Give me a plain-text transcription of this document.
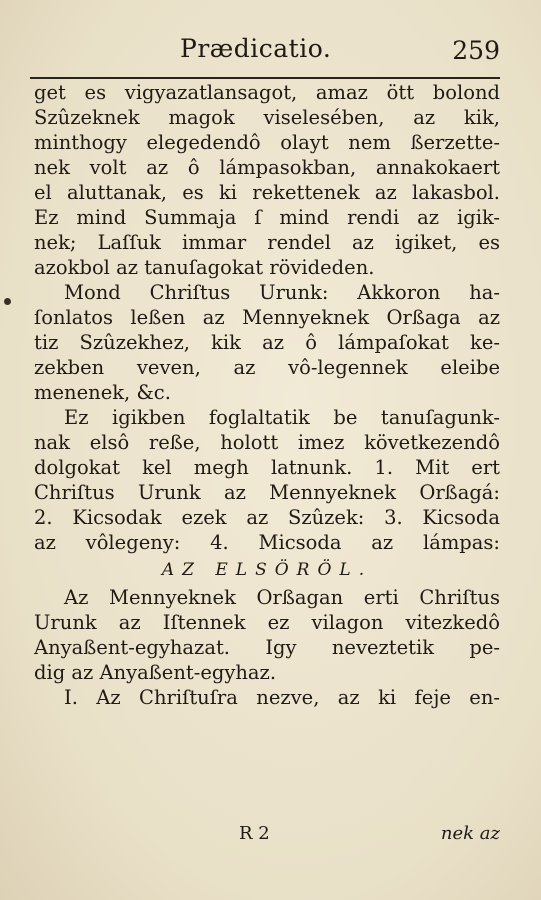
Prædicatio.	259
get es vigyazatlansagot, amaz ött bolond
Szûzeknek magok viselesében, az kik,
minthogy elegedendô olayt nem ßerzette-
nek volt az ô lámpasokban, annakokaert
el aluttanak, es ki rekettenek az lakasbol.
Ez mind Summaja ſ mind rendi az igik-
nek; Laſſuk immar rendel az igiket, es
azokbol az tanuſagokat rövideden.
Mond Chriſtus Urunk: Akkoron ha-
ſonlatos leßen az Mennyeknek Orßaga az
tiz Szûzekhez, kik az ô lámpaſokat ke-
zekben veven, az vô-legennek eleibe
menenek, &c.
Ez igikben foglaltatik be tanuſagunk-
nak elsô reße, holott imez következendô
dolgokat kel megh latnunk. 1. Mit ert
Chriſtus Urunk az Mennyeknek Orßagá:
2. Kicsodak ezek az Szûzek: 3. Kicsoda
az vôlegeny: 4. Micsoda az lámpas:
AZ ELSÖRÖL.
Az Mennyeknek Orßagan erti Chriſtus
Urunk az Iſtennek ez vilagon vitezkedô
Anyaßent-egyhazat. Igy neveztetik pe-
dig az Anyaßent-egyhaz.
I. Az Chriſtuſra nezve, az ki feje en-
R 2	nek az
